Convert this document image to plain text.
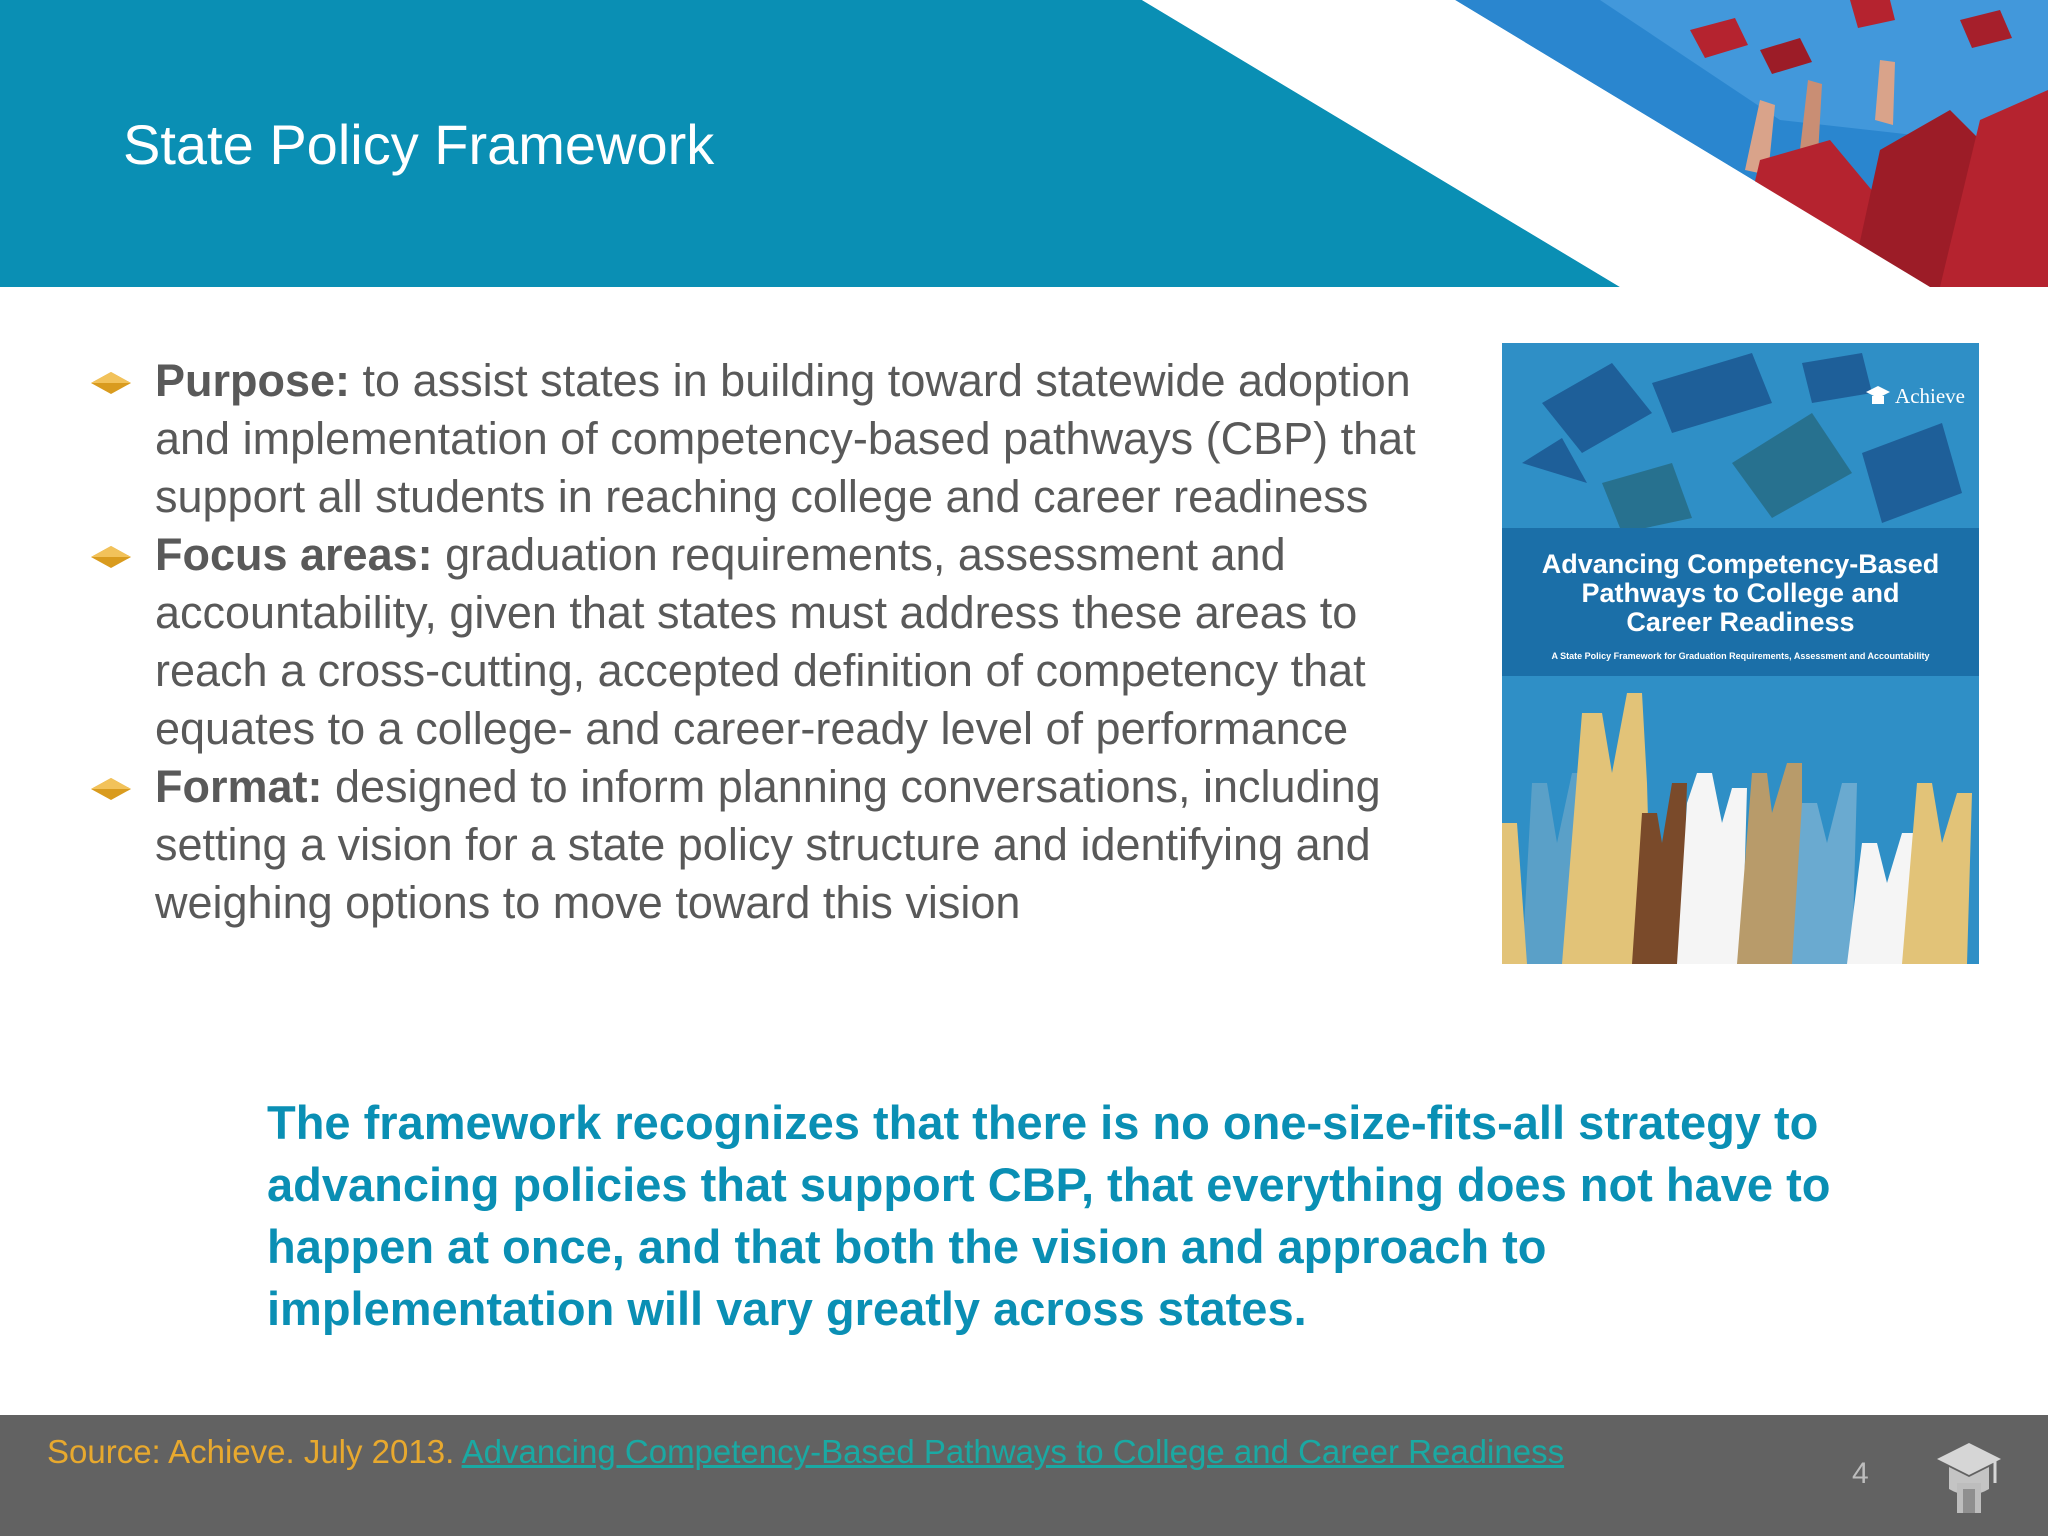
State Policy Framework
Purpose: to assist states in building toward statewide adoption and implementation of competency-based pathways (CBP) that support all students in reaching college and career readiness
Focus areas: graduation requirements, assessment and accountability, given that states must address these areas to reach a cross-cutting, accepted definition of competency that equates to a college- and career-ready level of performance
Format: designed to inform planning conversations, including setting a vision for a state policy structure and identifying and weighing options to move toward this vision
Achieve
Advancing Competency-Based
Pathways to College and
Career Readiness
A State Policy Framework for Graduation Requirements, Assessment and Accountability

The framework recognizes that there is no one-size-fits-all strategy to advancing policies that support CBP, that everything does not have to happen at once, and that both the vision and approach to implementation will vary greatly across states.

Source: Achieve. July 2013. Advancing Competency-Based Pathways to College and Career Readiness
4
